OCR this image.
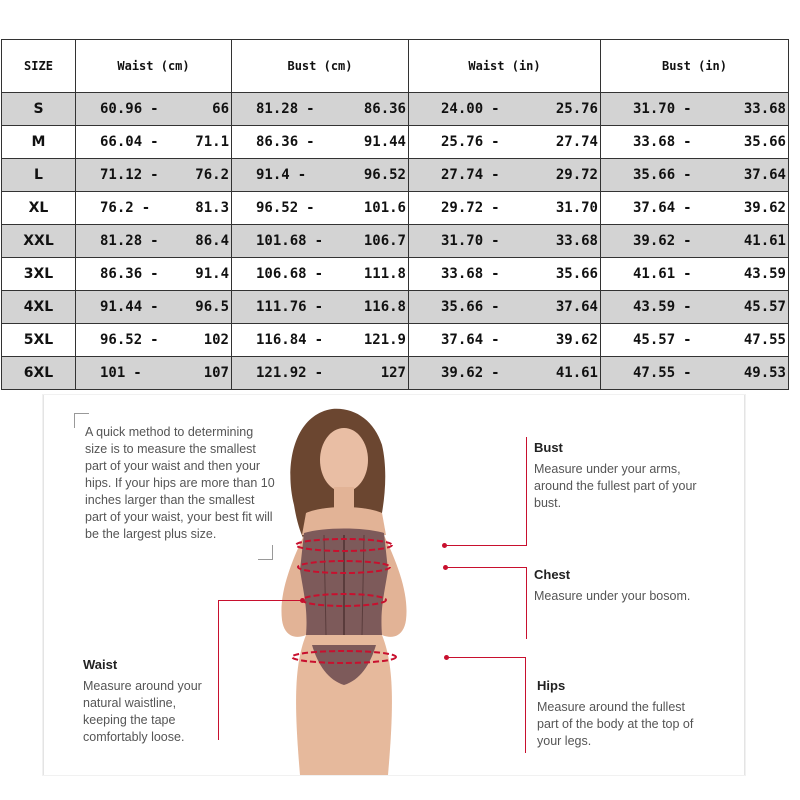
SIZE	Waist (cm)	Bust (cm)	Waist (in)	Bust (in)
S	60.96 - 66	81.28 - 86.36	24.00 - 25.76	31.70 - 33.68

M	66.04 - 71.1	86.36 - 91.44	25.76 - 27.74	33.68 - 35.66

L	71.12 - 76.2	91.4 - 96.52	27.74 - 29.72	35.66 - 37.64

XL	76.2 - 81.3	96.52 - 101.6	29.72 - 31.70	37.64 - 39.62

XXL	81.28 - 86.4	101.68 - 106.7	31.70 - 33.68	39.62 - 41.61

3XL	86.36 - 91.4	106.68 - 111.8	33.68 - 35.66	41.61 - 43.59

4XL	91.44 - 96.5	111.76 - 116.8	35.66 - 37.64	43.59 - 45.57

5XL	96.52 - 102	116.84 - 121.9	37.64 - 39.62	45.57 - 47.55

6XL	101 - 107	121.92 - 127	39.62 - 41.61	47.55 - 49.53
A quick method to determining size is to measure the smallest part of your waist and then your hips. If your hips are more than 10 inches larger than the smallest part of your waist, your best fit will be the largest plus size.
Bust
Measure under your arms, around the fullest part of your bust.
Chest
Measure under your bosom.
Waist
Measure around your natural waistline, keeping the tape comfortably loose.
Hips
Measure around the fullest part of the body at the top of your legs.
